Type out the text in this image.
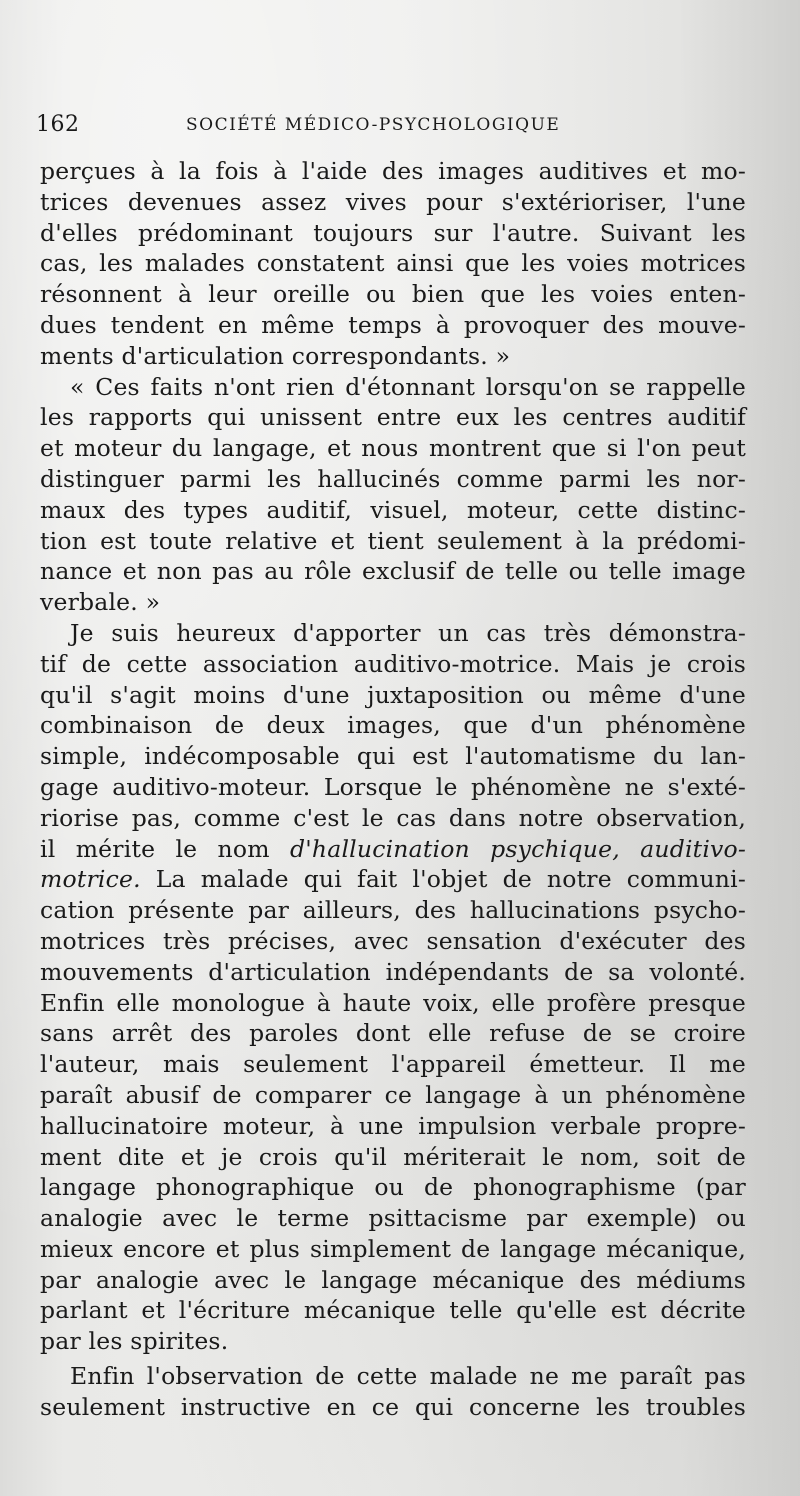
162	SOCIÉTÉ MÉDICO-PSYCHOLOGIQUE
perçues à la fois à l'aide des images auditives et mo-
trices devenues assez vives pour s'extérioriser, l'une
d'elles prédominant toujours sur l'autre. Suivant les
cas, les malades constatent ainsi que les voies motrices
résonnent à leur oreille ou bien que les voies enten-
dues tendent en même temps à provoquer des mouve-
ments d'articulation correspondants. »
« Ces faits n'ont rien d'étonnant lorsqu'on se rappelle
les rapports qui unissent entre eux les centres auditif
et moteur du langage, et nous montrent que si l'on peut
distinguer parmi les hallucinés comme parmi les nor-
maux des types auditif, visuel, moteur, cette distinc-
tion est toute relative et tient seulement à la prédomi-
nance et non pas au rôle exclusif de telle ou telle image
verbale. »
Je suis heureux d'apporter un cas très démonstra-
tif de cette association auditivo-motrice. Mais je crois
qu'il s'agit moins d'une juxtaposition ou même d'une
combinaison de deux images, que d'un phénomène
simple, indécomposable qui est l'automatisme du lan-
gage auditivo-moteur. Lorsque le phénomène ne s'exté-
riorise pas, comme c'est le cas dans notre observation,
il mérite le nom d'hallucination psychique, auditivo-
motrice. La malade qui fait l'objet de notre communi-
cation présente par ailleurs, des hallucinations psycho-
motrices très précises, avec sensation d'exécuter des
mouvements d'articulation indépendants de sa volonté.
Enfin elle monologue à haute voix, elle profère presque
sans arrêt des paroles dont elle refuse de se croire
l'auteur, mais seulement l'appareil émetteur. Il me
paraît abusif de comparer ce langage à un phénomène
hallucinatoire moteur, à une impulsion verbale propre-
ment dite et je crois qu'il mériterait le nom, soit de
langage phonographique ou de phonographisme (par
analogie avec le terme psittacisme par exemple) ou
mieux encore et plus simplement de langage mécanique,
par analogie avec le langage mécanique des médiums
parlant et l'écriture mécanique telle qu'elle est décrite
par les spirites.
Enfin l'observation de cette malade ne me paraît pas
seulement instructive en ce qui concerne les troubles
